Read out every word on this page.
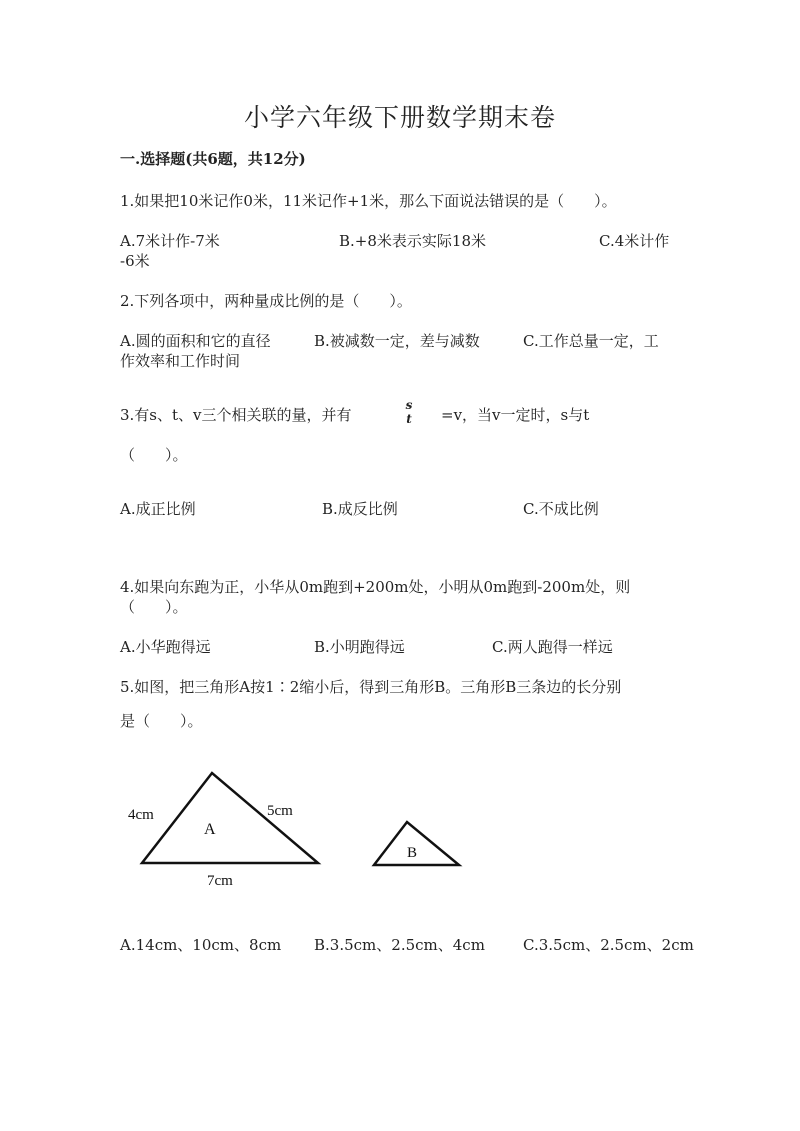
小学六年级下册数学期末卷
一.选择题(共6题，共12分)
1.如果把10米记作0米，11米记作+1米，那么下面说法错误的是（　　）。
A.7米计作-7米	B.+8米表示实际18米	C.4米计作
-6米
2.下列各项中，两种量成比例的是（　　）。
A.圆的面积和它的直径	B.被减数一定，差与减数	C.工作总量一定，工
作效率和工作时间
3.有s、t、v三个相关联的量，并有
s
t	=v，当v一定时，s与t
（　　）。
A.成正比例	B.成反比例	C.不成比例
4.如果向东跑为正，小华从0m跑到+200m处，小明从0m跑到-200m处，则
（　　）。
A.小华跑得远	B.小明跑得远	C.两人跑得一样远
5.如图，把三角形A按1∶2缩小后，得到三角形B。三角形B三条边的长分别
是（　　）。
4cm	5cm
7cm
A
B
A.14cm、10cm、8cm B.3.5cm、2.5cm、4cm	C.3.5cm、2.5cm、2cm
